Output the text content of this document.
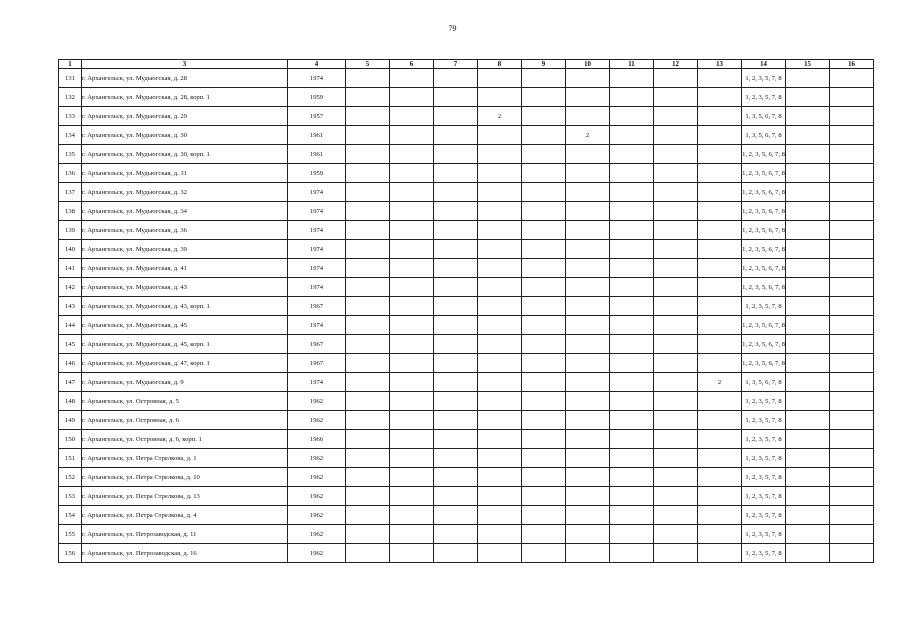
79
1	3	4	5	6	7	8	9	10	11	12	13	14	15	16
131	г. Архангельск, ул. Мудьюгская, д. 28	1974										1, 2, 3, 5, 7, 8		
132	г. Архангельск, ул. Мудьюгская, д. 28, корп. 1	1959										1, 2, 3, 5, 7, 8		
133	г. Архангельск, ул. Мудьюгская, д. 29	1957				2						1, 3, 5, 6, 7, 8		
134	г. Архангельск, ул. Мудьюгская, д. 30	1961						2				1, 3, 5, 6, 7, 8		
135	г. Архангельск, ул. Мудьюгская, д. 30, корп. 1	1961										1, 2, 3, 5, 6, 7, 8		
136	г. Архангельск, ул. Мудьюгская, д. 31	1959										1, 2, 3, 5, 6, 7, 8		
137	г. Архангельск, ул. Мудьюгская, д. 32	1974										1, 2, 3, 5, 6, 7, 8		
138	г. Архангельск, ул. Мудьюгская, д. 34	1974										1, 2, 3, 5, 6, 7, 8		
139	г. Архангельск, ул. Мудьюгская, д. 36	1974										1, 2, 3, 5, 6, 7, 8		
140	г. Архангельск, ул. Мудьюгская, д. 39	1974										1, 2, 3, 5, 6, 7, 8		
141	г. Архангельск, ул. Мудьюгская, д. 41	1974										1, 2, 3, 5, 6, 7, 8		
142	г. Архангельск, ул. Мудьюгская, д. 43	1974										1, 2, 3, 5, 6, 7, 8		
143	г. Архангельск, ул. Мудьюгская, д. 43, корп. 1	1967										1, 2, 3, 5, 7, 8		
144	г. Архангельск, ул. Мудьюгская, д. 45	1974										1, 2, 3, 5, 6, 7, 8		
145	г. Архангельск, ул. Мудьюгская, д. 45, корп. 1	1967										1, 2, 3, 5, 6, 7, 8		
146	г. Архангельск, ул. Мудьюгская, д. 47, корп. 1	1967										1, 2, 3, 5, 6, 7, 8		
147	г. Архангельск, ул. Мудьюгская, д. 9	1974									2	1, 3, 5, 6, 7, 8		
148	г. Архангельск, ул. Островная, д. 5	1962										1, 2, 3, 5, 7, 8		
149	г. Архангельск, ул. Островная, д. 6	1962										1, 2, 3, 5, 7, 8		
150	г. Архангельск, ул. Островная, д. 6, корп. 1	1966										1, 2, 3, 5, 7, 8		
151	г. Архангельск, ул. Петра Стрелкова, д. 1	1962										1, 2, 3, 5, 7, 8		
152	г. Архангельск, ул. Петра Стрелкова, д. 10	1962										1, 2, 3, 5, 7, 8		
153	г. Архангельск, ул. Петра Стрелкова, д. 13	1962										1, 2, 3, 5, 7, 8		
154	г. Архангельск, ул. Петра Стрелкова, д. 4	1962										1, 2, 3, 5, 7, 8		
155	г. Архангельск, ул. Петрозаводская, д. 11	1962										1, 2, 3, 5, 7, 8		
156	г. Архангельск, ул. Петрозаводская, д. 16	1962										1, 2, 3, 5, 7, 8		
